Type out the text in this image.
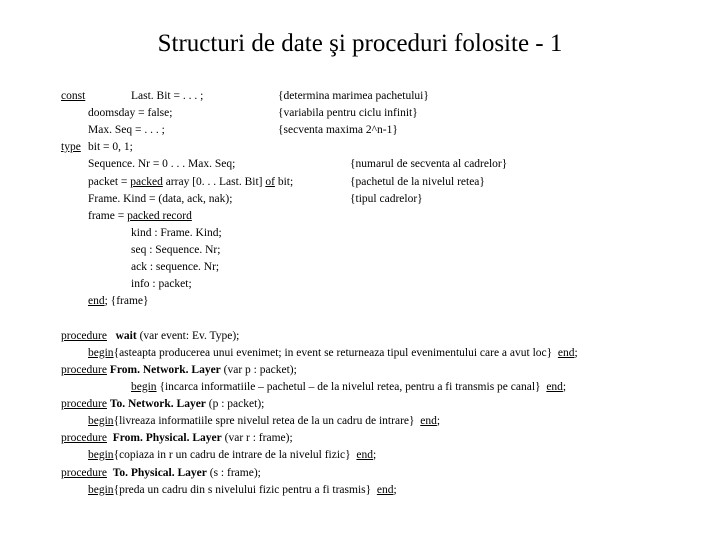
Structuri de date şi proceduri folosite - 1
const	Last. Bit = . . . ;	{determina marimea pachetului}
doomsday = false;	{variabila pentru ciclu infinit}
Max. Seq = . . . ;	{secventa maxima 2^n-1}
type bit = 0, 1;
Sequence. Nr = 0 . . . Max. Seq;	{numarul de secventa al cadrelor}
packet = packed array [0. . . Last. Bit] of bit;	{pachetul de la nivelul retea}
Frame. Kind = (data, ack, nak);	{tipul cadrelor}
frame = packed record
kind : Frame. Kind;
seq : Sequence. Nr;
ack : sequence. Nr;
info : packet;
end; {frame}
procedure wait (var event: Ev. Type);
begin{asteapta producerea unui evenimet; in event se returneaza tipul evenimentului care a avut loc} end;
procedure From. Network. Layer (var p : packet);
begin {incarca informatiile – pachetul – de la nivelul retea, pentru a fi transmis pe canal} end;
procedure To. Network. Layer (p : packet);
begin{livreaza informatiile spre nivelul retea de la un cadru de intrare} end;
procedure From. Physical. Layer (var r : frame);
begin{copiaza in r un cadru de intrare de la nivelul fizic} end;
procedure To. Physical. Layer (s : frame);
begin{preda un cadru din s nivelului fizic pentru a fi trasmis} end;
